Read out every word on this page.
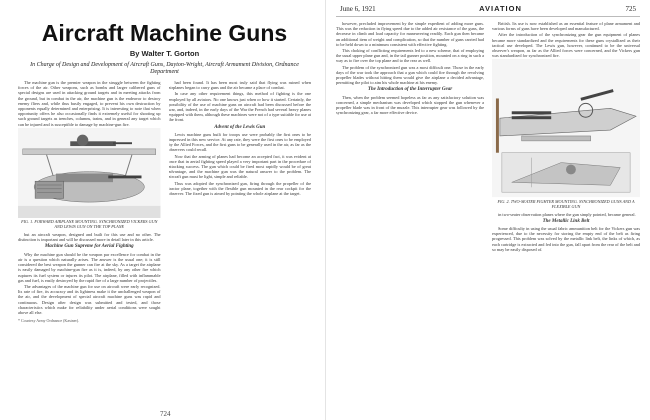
Aircraft Machine Guns
By Walter T. Gorton
In Charge of Design and Development of Aircraft Guns, Dayton-Wright, Aircraft Armament Division, Ordnance Department

The machine gun is the premier weapon in the struggle between the fighting forces of the air. Other weapons, such as bombs and larger calibered guns of special designs are used in attacking ground targets and in meeting attacks from the ground, but in combat in the air, the machine gun is the endeavor to destroy enemy fliers and, while thus busily engaged, to prevent his own destruction by opponents equally determined and enterprising. It is interesting to note that when opportunity offers he also occasionally finds it extremely useful for shooting up such ground targets as trenches, columns, trains, and in general any target which can be injured and is susceptible to damage by machine-gun fire.

FIG. 1. FORWARD AIRPLANE MOUNTING. SYNCHRONIZED VICKERS GUN AND LEWIS GUN ON THE TOP PLANE

but an aircraft weapon, designed and built for this use and no other. The distinction is important and will be discussed more in detail later in this article.

Machine Gun Supreme for Aerial Fighting

Why the machine gun should be the weapon par excellence for combat in the air is a question which naturally arises. The answer is the usual one; it is still considered the best weapon the gunner can fire at the sky. As a target the airplane is easily damaged by machine-gun fire as it is, indeed, by any other fire which ruptures its fuel system or injures its pilot. The airplane, filled with inflammable gas and fuel, is easily destroyed by the rapid fire of a large number of projectiles.

The advantages of the machine gun for use on aircraft were early recognized. Its rate of fire, its accuracy and its lightness make it the unchallenged weapon of the air, and the development of special aircraft machine guns was rapid and continuous. Design after design was submitted and tested, and those characteristics which make for reliability under aerial conditions were sought above all else.

* Courtesy Army Ordnance (Kastner).

had been found. It has been most truly said that flying was ruined when airplanes began to carry guns and the air became a place of combat.

In case any other requirement things, this method of fighting is the one employed by all aviators. No one knows just when or how it started. Certainly, the possibility of the use of machine guns on aircraft had been discussed before the war, and, indeed, in the early days of the War the French had several heavy planes equipped with them, although these machines were not of a type suitable for use at the front.

Advent of the Lewis Gun

Lewis machine guns built for troops use were probably the first ones to be impressed in this new service. At any rate, they were the first ones to be employed by the Allied Forces, and the first guns to be generally used in the air, as far as the observers could recall.

Now that the arming of planes had become an accepted fact, it was evident at once that in aerial fighting speed played a very important part in the procedure of attacking success. The gun which could be fired most rapidly would be of great advantage, and the machine gun was the natural answer to the problem. The aircraft gun must be light, simple and reliable.

Thus was adopted the synchronized gun, firing through the propeller of the tractor plane, together with the flexible gun mounted in the rear cockpit for the observer. The fixed gun is aimed by pointing the whole airplane at the target.

724
June 6, 1921	AVIATION	725

however, precluded improvement by the simple expedient of adding more guns. This was the reduction in flying speed due to the added air resistance of the guns, the decrease in climb and load capacity for maneuvering readily. Each gun then became an additional item of weight and complication, so that the number of guns carried had to be held down to a minimum consistent with effective fighting.

This choking of conflicting requirements led to a new scheme, that of employing the usual upper plane gun and, in the tail gunner position, mounted on a ring in such a way as to fire over the top plane and to the rear as well.

The problem of the synchronized gun was a most difficult one. Those in the early days of the war took the approach that a gun which could fire through the revolving propeller blades without hitting them would give the airplane a decided advantage, permitting the pilot to aim his whole machine at his enemy.

The Introduction of the Interrupter Gear

Then, when the problem seemed hopeless as far as any satisfactory solution was concerned, a simple mechanism was developed which stopped the gun whenever a propeller blade was in front of the muzzle. This interrupter gear was followed by the synchronizing gear, a far more effective device.

British. Its use is now established as an essential feature of plane armament and various forms of guns have been developed and manufactured.

After the introduction of the synchronizing gear the gun equipment of planes became more standardized and the requirements for these guns crystallized as their tactical use developed. The Lewis gun, however, continued to be the universal observer's weapon, as far as the Allied forces were concerned, and the Vickers gun was standardized for synchronized fire.

FIG. 2. TWO-SEATER FIGHTER MOUNTING. SYNCHRONIZED GUNS AND A FLEXIBLE GUN

in two-seater observation planes where the gun simply pointed, became general.

The Metallic Link Belt

Some difficulty in using the usual fabric ammunition belt for the Vickers gun was experienced, due to the necessity for storing the empty end of the belt as firing progressed. This problem was solved by the metallic link belt, the links of which, as each cartridge is extracted and fed into the gun, fall apart from the rear of the belt and so may be easily disposed of.
